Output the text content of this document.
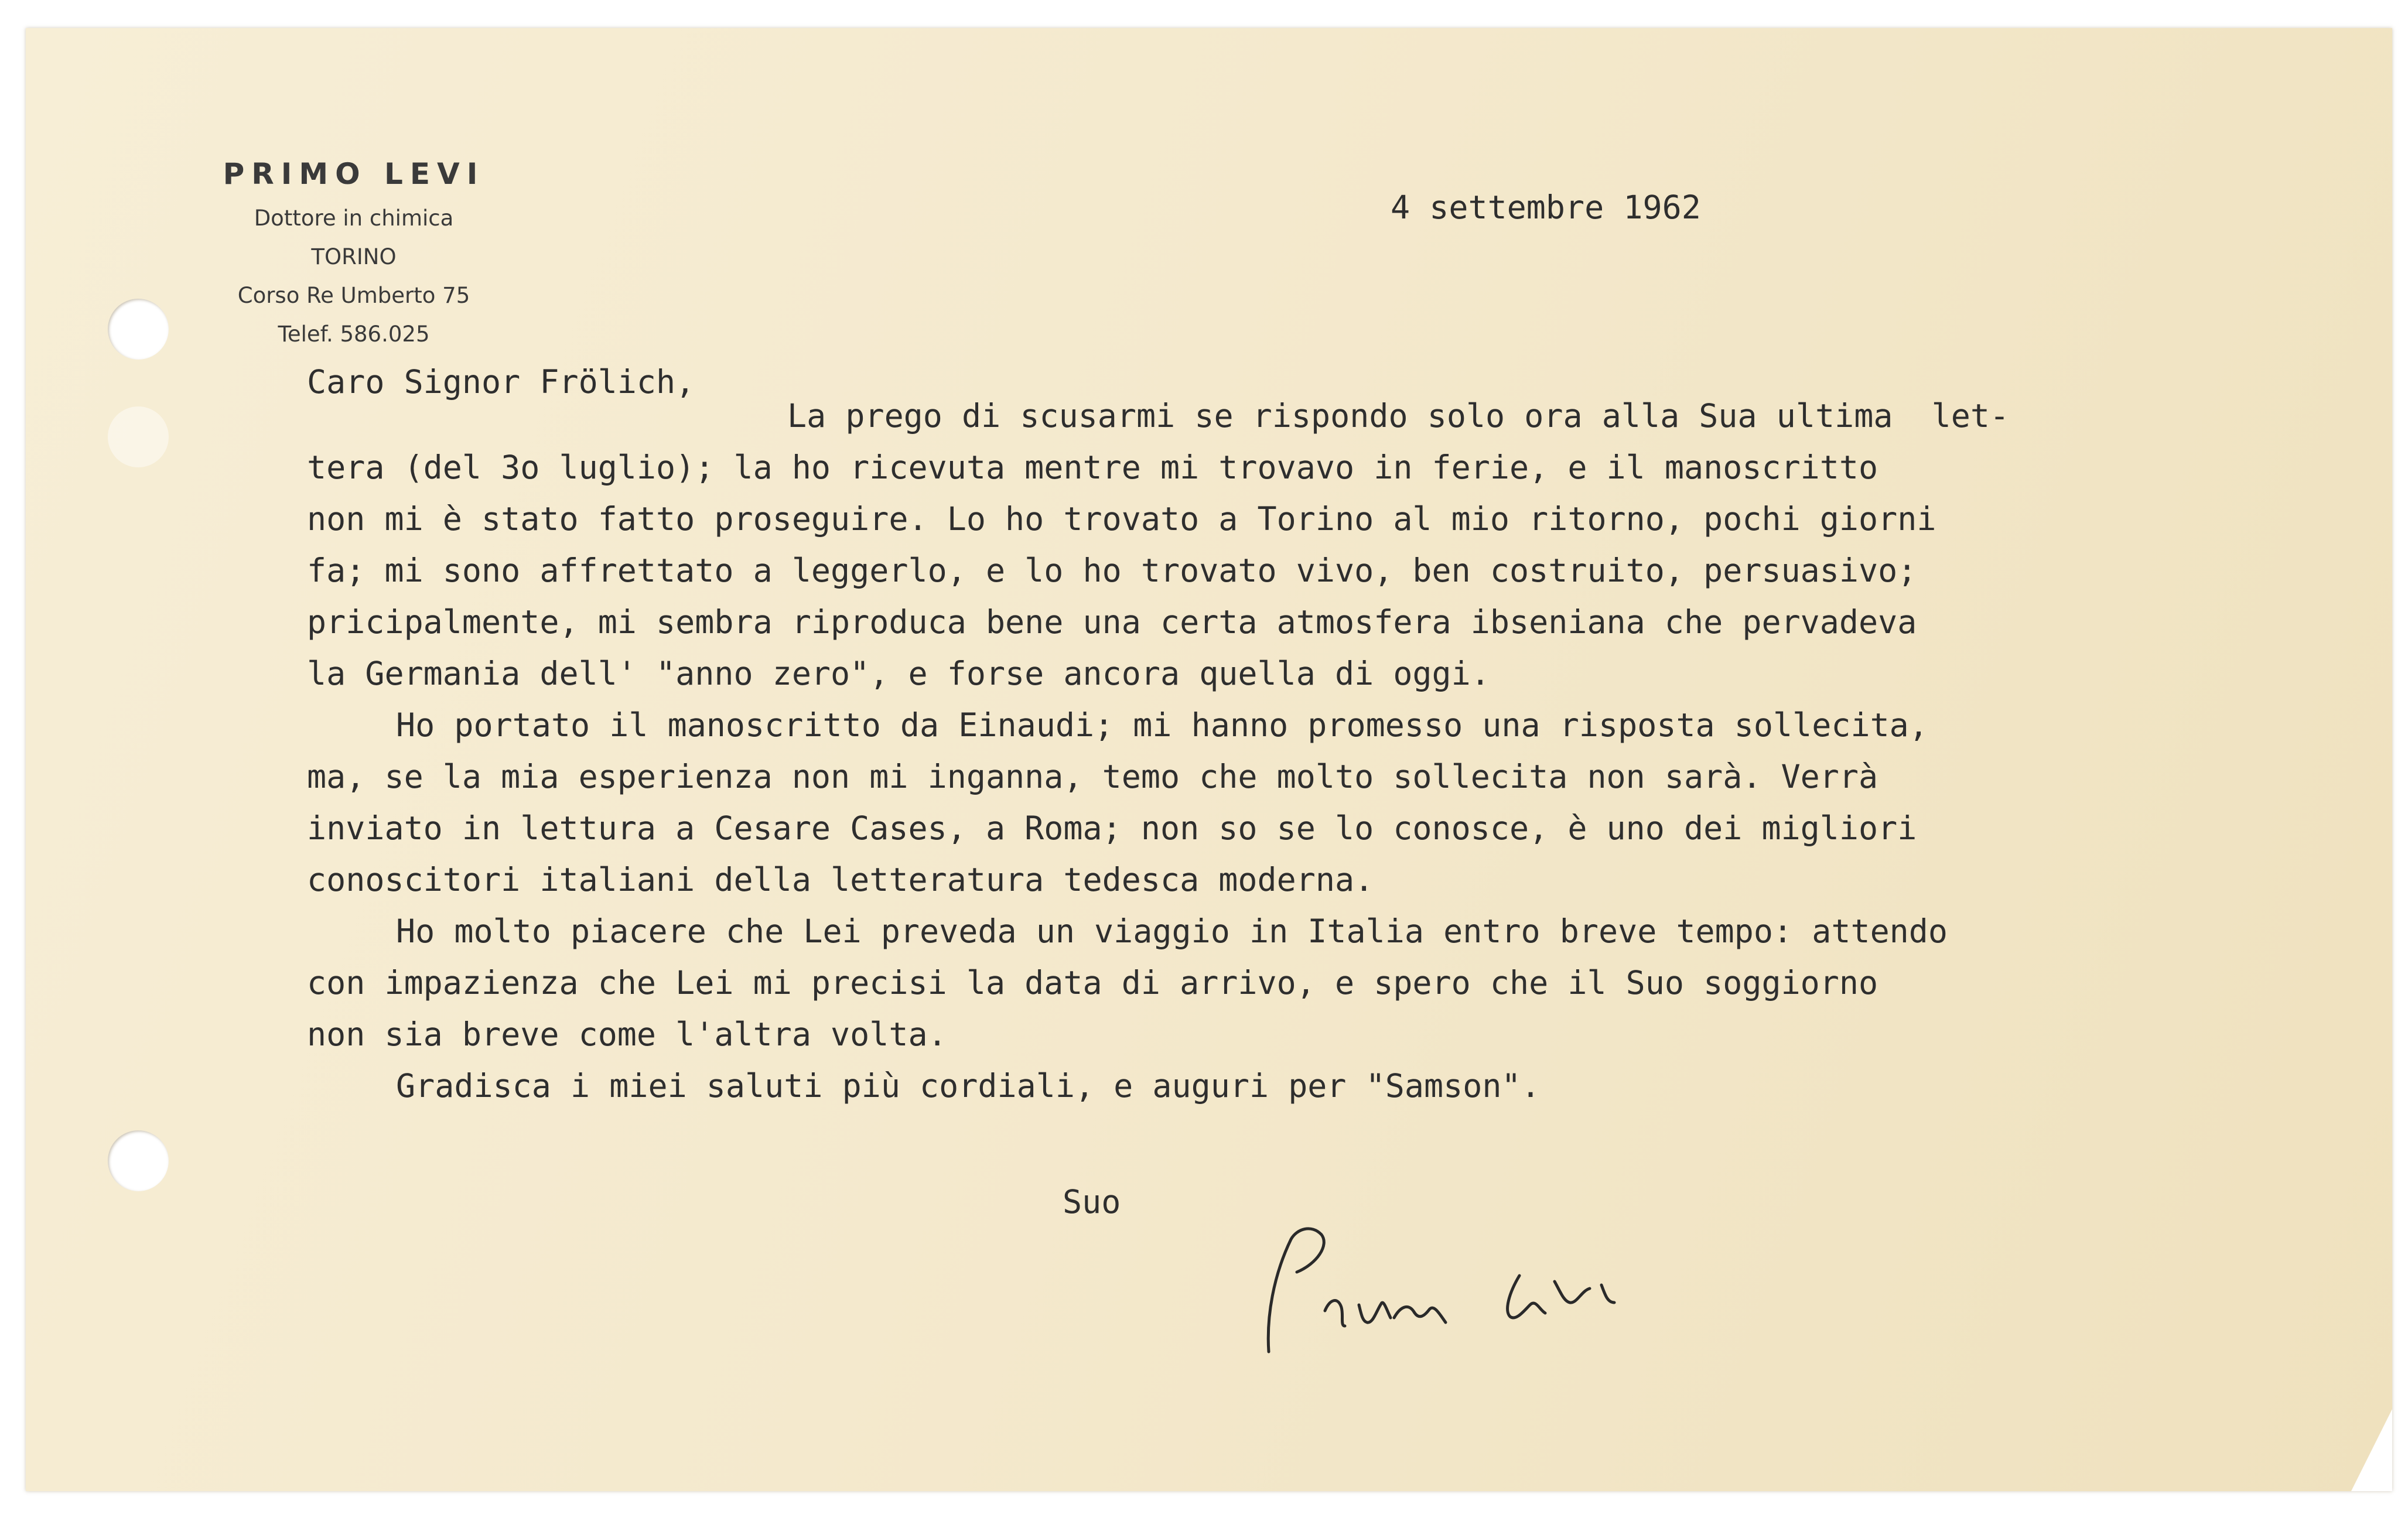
PRIMO LEVI
Dottore in chimica
TORINO
Corso Re Umberto 75
Telef. 586.025
4 settembre 1962
Caro Signor Frölich,
La prego di scusarmi se rispondo solo ora alla Sua ultima  let-
tera (del 3o luglio); la ho ricevuta mentre mi trovavo in ferie, e il manoscritto
non mi è stato fatto proseguire. Lo ho trovato a Torino al mio ritorno, pochi giorni
fa; mi sono affrettato a leggerlo, e lo ho trovato vivo, ben costruito, persuasivo;
pricipalmente, mi sembra riproduca bene una certa atmosfera ibseniana che pervadeva
la Germania dell' "anno zero", e forse ancora quella di oggi.
Ho portato il manoscritto da Einaudi; mi hanno promesso una risposta sollecita,
ma, se la mia esperienza non mi inganna, temo che molto sollecita non sarà. Verrà
inviato in lettura a Cesare Cases, a Roma; non so se lo conosce, è uno dei migliori
conoscitori italiani della letteratura tedesca moderna.
Ho molto piacere che Lei preveda un viaggio in Italia entro breve tempo: attendo
con impazienza che Lei mi precisi la data di arrivo, e spero che il Suo soggiorno
non sia breve come l'altra volta.
Gradisca i miei saluti più cordiali, e auguri per "Samson".
Suo
